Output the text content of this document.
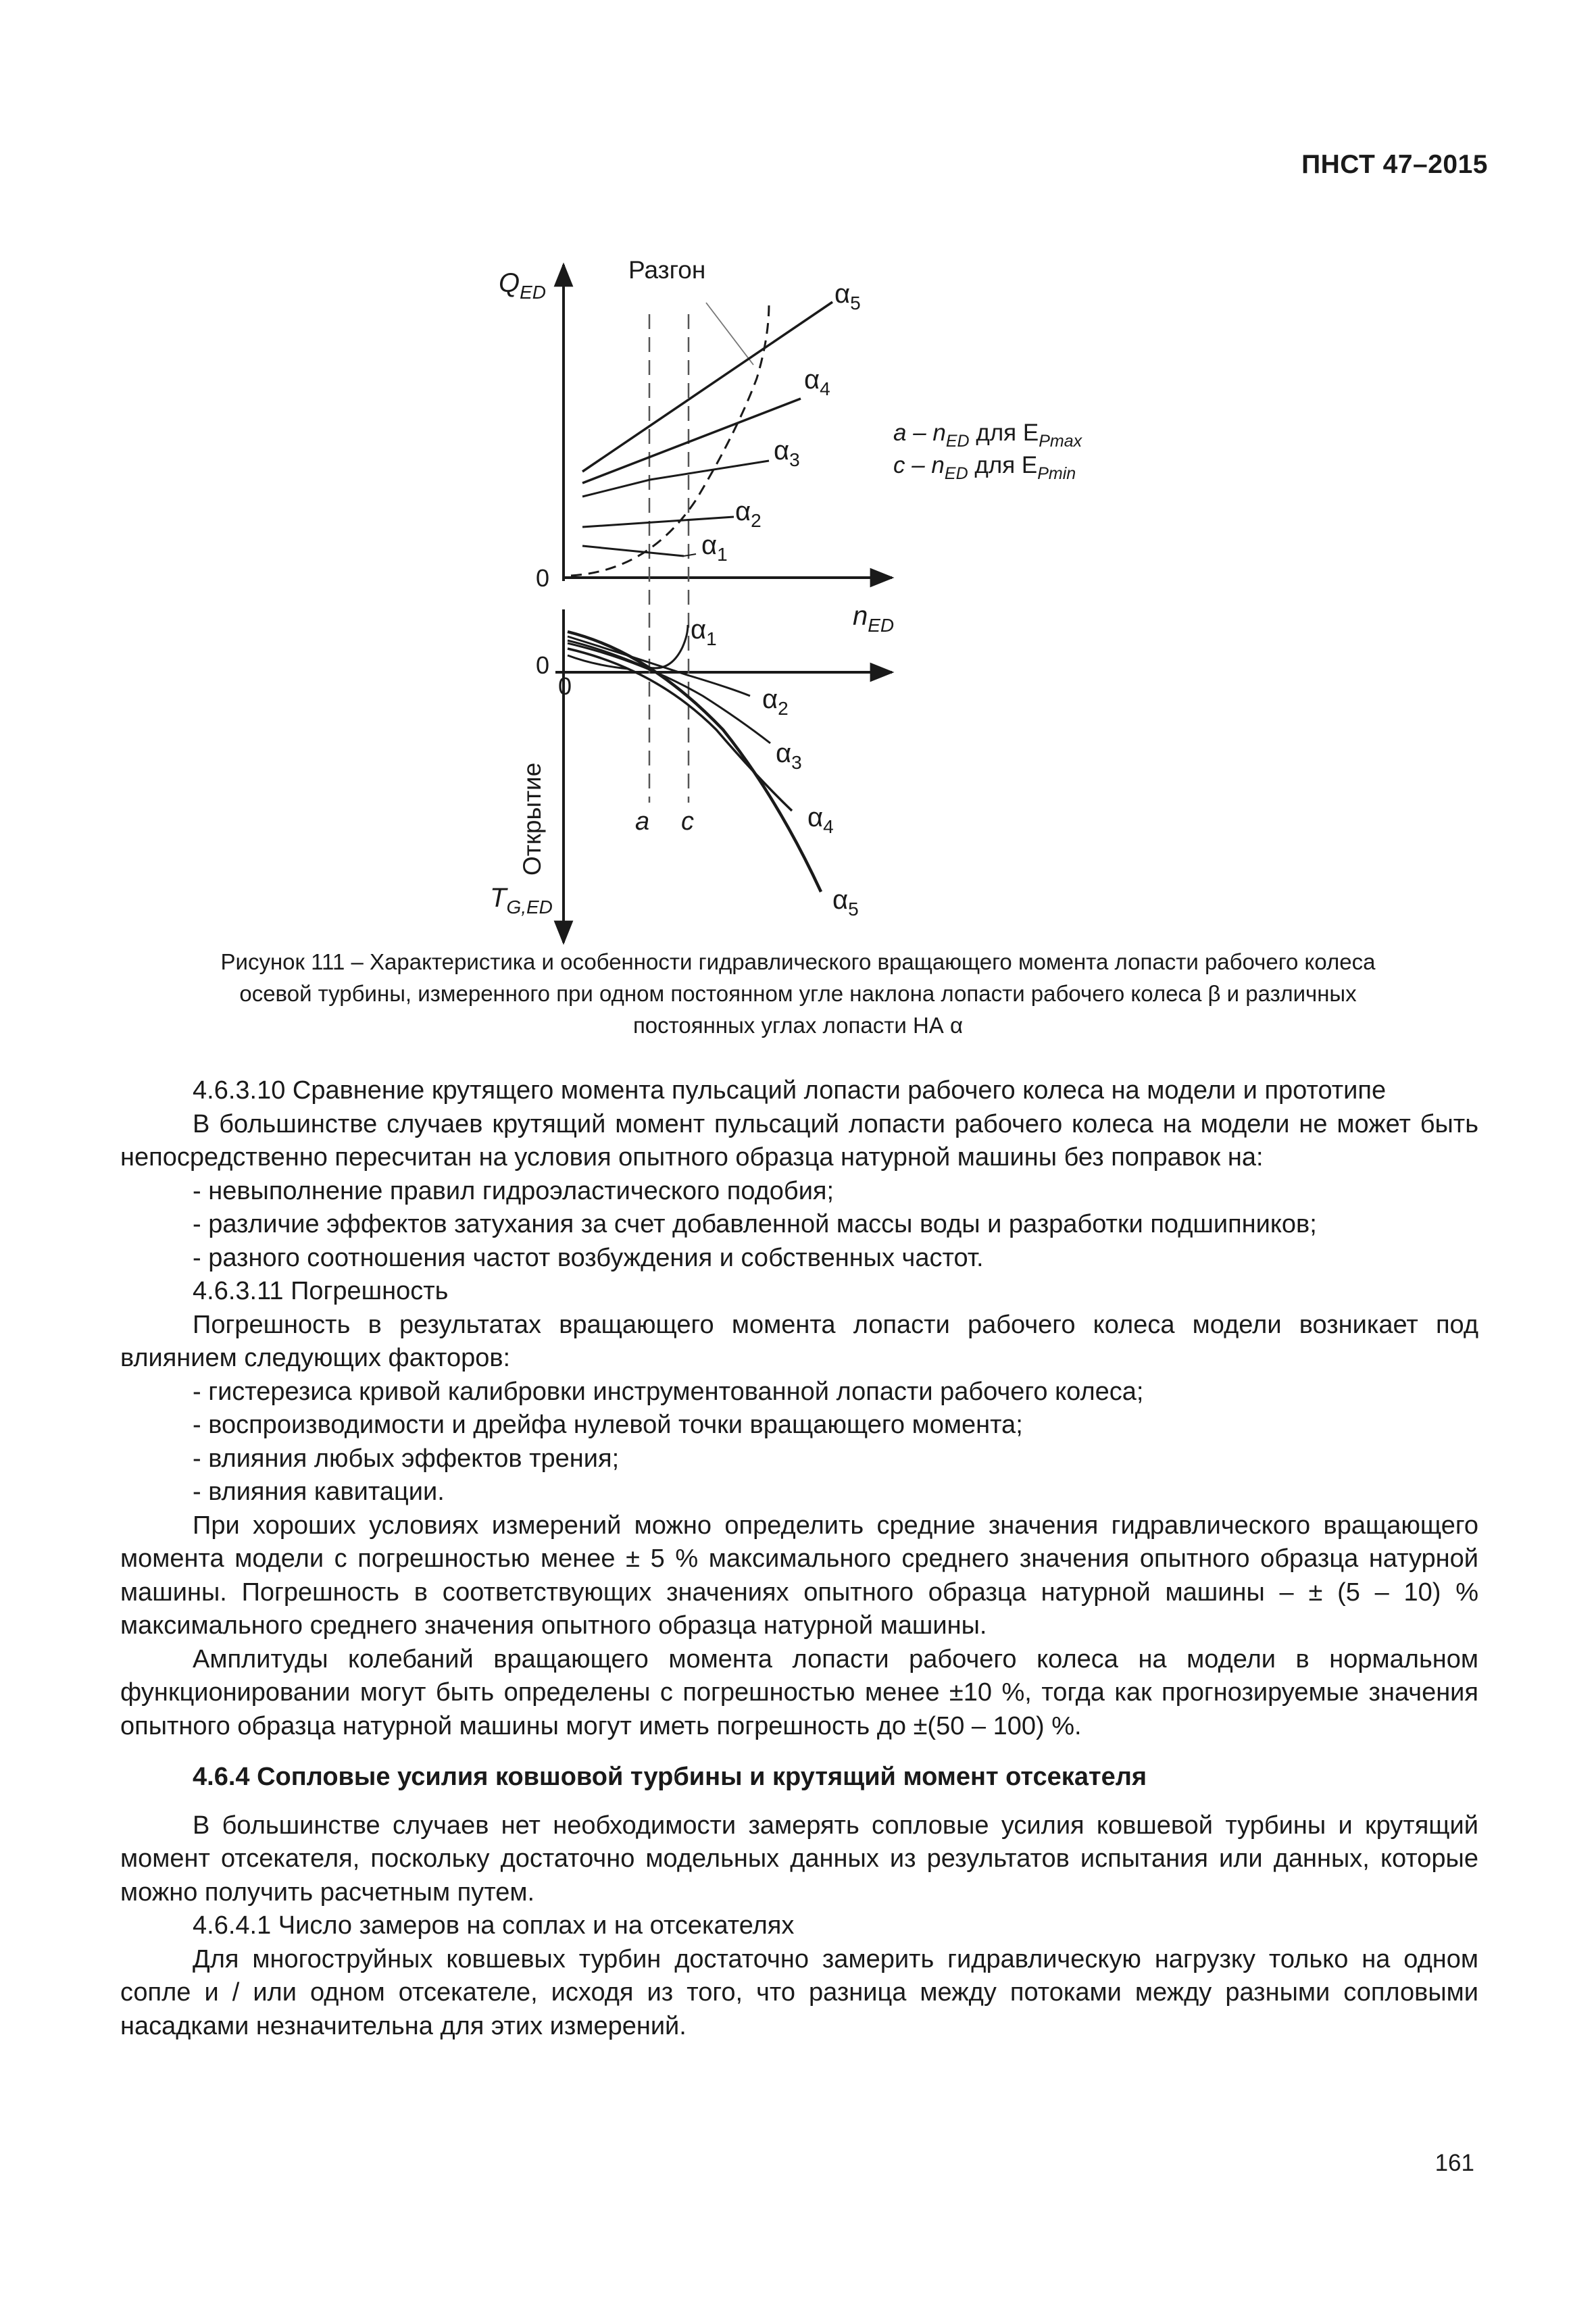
ПНСТ 47–2015
$Q_{ED}$
Разгон
0
0
0
$n_{ED}$
$T_{G,ED}$
Открытие	a c
$\alpha_5$
$\alpha_4$
$\alpha_3$
$\alpha_2$
$\alpha_1$
$\alpha_1$
$\alpha_2$
$\alpha_3$
$\alpha_4$
$\alpha_5$
a – $n_{ED}$ для $E_{Pmax}$
c – $n_{ED}$ для $E_{Pmin}$
Рисунок 111 – Характеристика и особенности гидравлического вращающего момента лопасти рабочего колеса
осевой турбины, измеренного при одном постоянном угле наклона лопасти рабочего колеса β и различных
постоянных углах лопасти НА α

4.6.3.10 Сравнение крутящего момента пульсаций лопасти рабочего колеса на модели и прототипе

В большинстве случаев крутящий момент пульсаций лопасти рабочего колеса на модели не может быть непосредственно пересчитан на условия опытного образца натурной машины без поправок на:

- невыполнение правил гидроэластического подобия;

- различие эффектов затухания за счет добавленной массы воды и разработки подшипников;

- разного соотношения частот возбуждения и собственных частот.

4.6.3.11 Погрешность

Погрешность в результатах вращающего момента лопасти рабочего колеса модели возникает под влиянием следующих факторов:

- гистерезиса кривой калибровки инструментованной лопасти рабочего колеса;

- воспроизводимости и дрейфа нулевой точки вращающего момента;

- влияния любых эффектов трения;

- влияния кавитации.

При хороших условиях измерений можно определить средние значения гидравлического вращающего момента модели с погрешностью менее ± 5 % максимального среднего значения опытного образца натурной машины. Погрешность в соответствующих значениях опытного образца натурной машины – ± (5 – 10) % максимального среднего значения опытного образца натурной машины.

Амплитуды колебаний вращающего момента лопасти рабочего колеса на модели в нормальном функционировании могут быть определены с погрешностью менее ±10 %, тогда как прогнозируемые значения опытного образца натурной машины могут иметь погрешность до ±(50 – 100) %.

4.6.4 Сопловые усилия ковшовой турбины и крутящий момент отсекателя

В большинстве случаев нет необходимости замерять сопловые усилия ковшевой турбины и крутящий момент отсекателя, поскольку достаточно модельных данных из результатов испытания или данных, которые можно получить расчетным путем.

4.6.4.1 Число замеров на соплах и на отсекателях

Для многоструйных ковшевых турбин достаточно замерить гидравлическую нагрузку только на одном сопле и / или одном отсекателе, исходя из того, что разница между потоками между разными сопловыми насадками незначительна для этих измерений.

161
